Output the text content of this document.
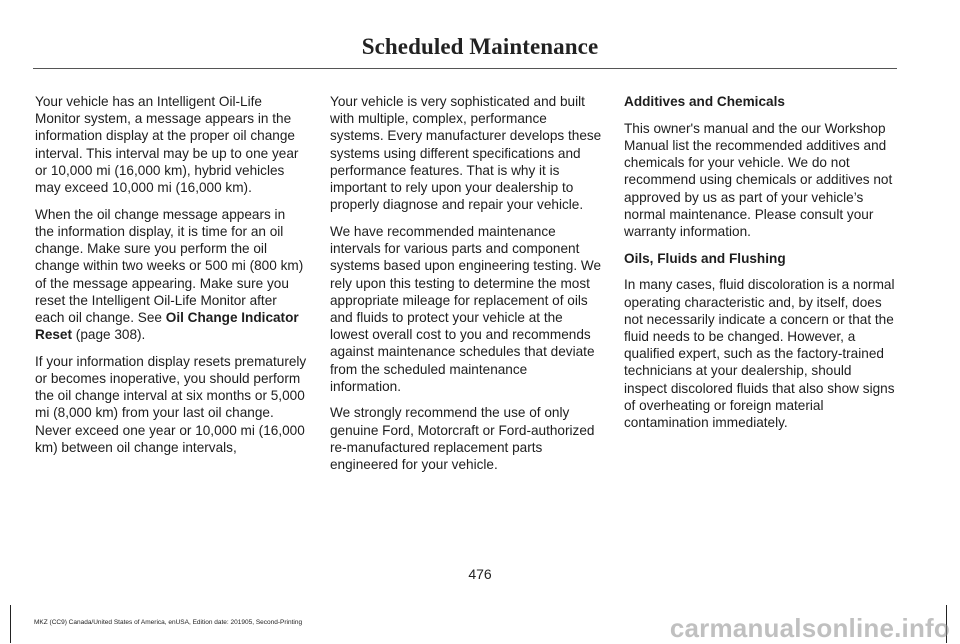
Scheduled Maintenance

Your vehicle has an Intelligent Oil-Life Monitor system, a message appears in the information display at the proper oil change interval. This interval may be up to one year or 10,000 mi (16,000 km), hybrid vehicles may exceed 10,000 mi (16,000 km).

When the oil change message appears in the information display, it is time for an oil change. Make sure you perform the oil change within two weeks or 500 mi (800 km) of the message appearing. Make sure you reset the Intelligent Oil-Life Monitor after each oil change. See Oil Change Indicator Reset (page 308).

If your information display resets prematurely or becomes inoperative, you should perform the oil change interval at six months or 5,000 mi (8,000 km) from your last oil change. Never exceed one year or 10,000 mi (16,000 km) between oil change intervals,

Your vehicle is very sophisticated and built with multiple, complex, performance systems. Every manufacturer develops these systems using different specifications and performance features. That is why it is important to rely upon your dealership to properly diagnose and repair your vehicle.

We have recommended maintenance intervals for various parts and component systems based upon engineering testing. We rely upon this testing to determine the most appropriate mileage for replacement of oils and fluids to protect your vehicle at the lowest overall cost to you and recommends against maintenance schedules that deviate from the scheduled maintenance information.

We strongly recommend the use of only genuine Ford, Motorcraft or Ford-authorized re-manufactured replacement parts engineered for your vehicle.

Additives and Chemicals

This owner's manual and the our Workshop Manual list the recommended additives and chemicals for your vehicle. We do not recommend using chemicals or additives not approved by us as part of your vehicle’s normal maintenance. Please consult your warranty information.

Oils, Fluids and Flushing

In many cases, fluid discoloration is a normal operating characteristic and, by itself, does not necessarily indicate a concern or that the fluid needs to be changed. However, a qualified expert, such as the factory-trained technicians at your dealership, should inspect discolored fluids that also show signs of overheating or foreign material contamination immediately.

476
MKZ (CC9) Canada/United States of America, enUSA, Edition date: 201905, Second-Printing	carmanualsonline.info
